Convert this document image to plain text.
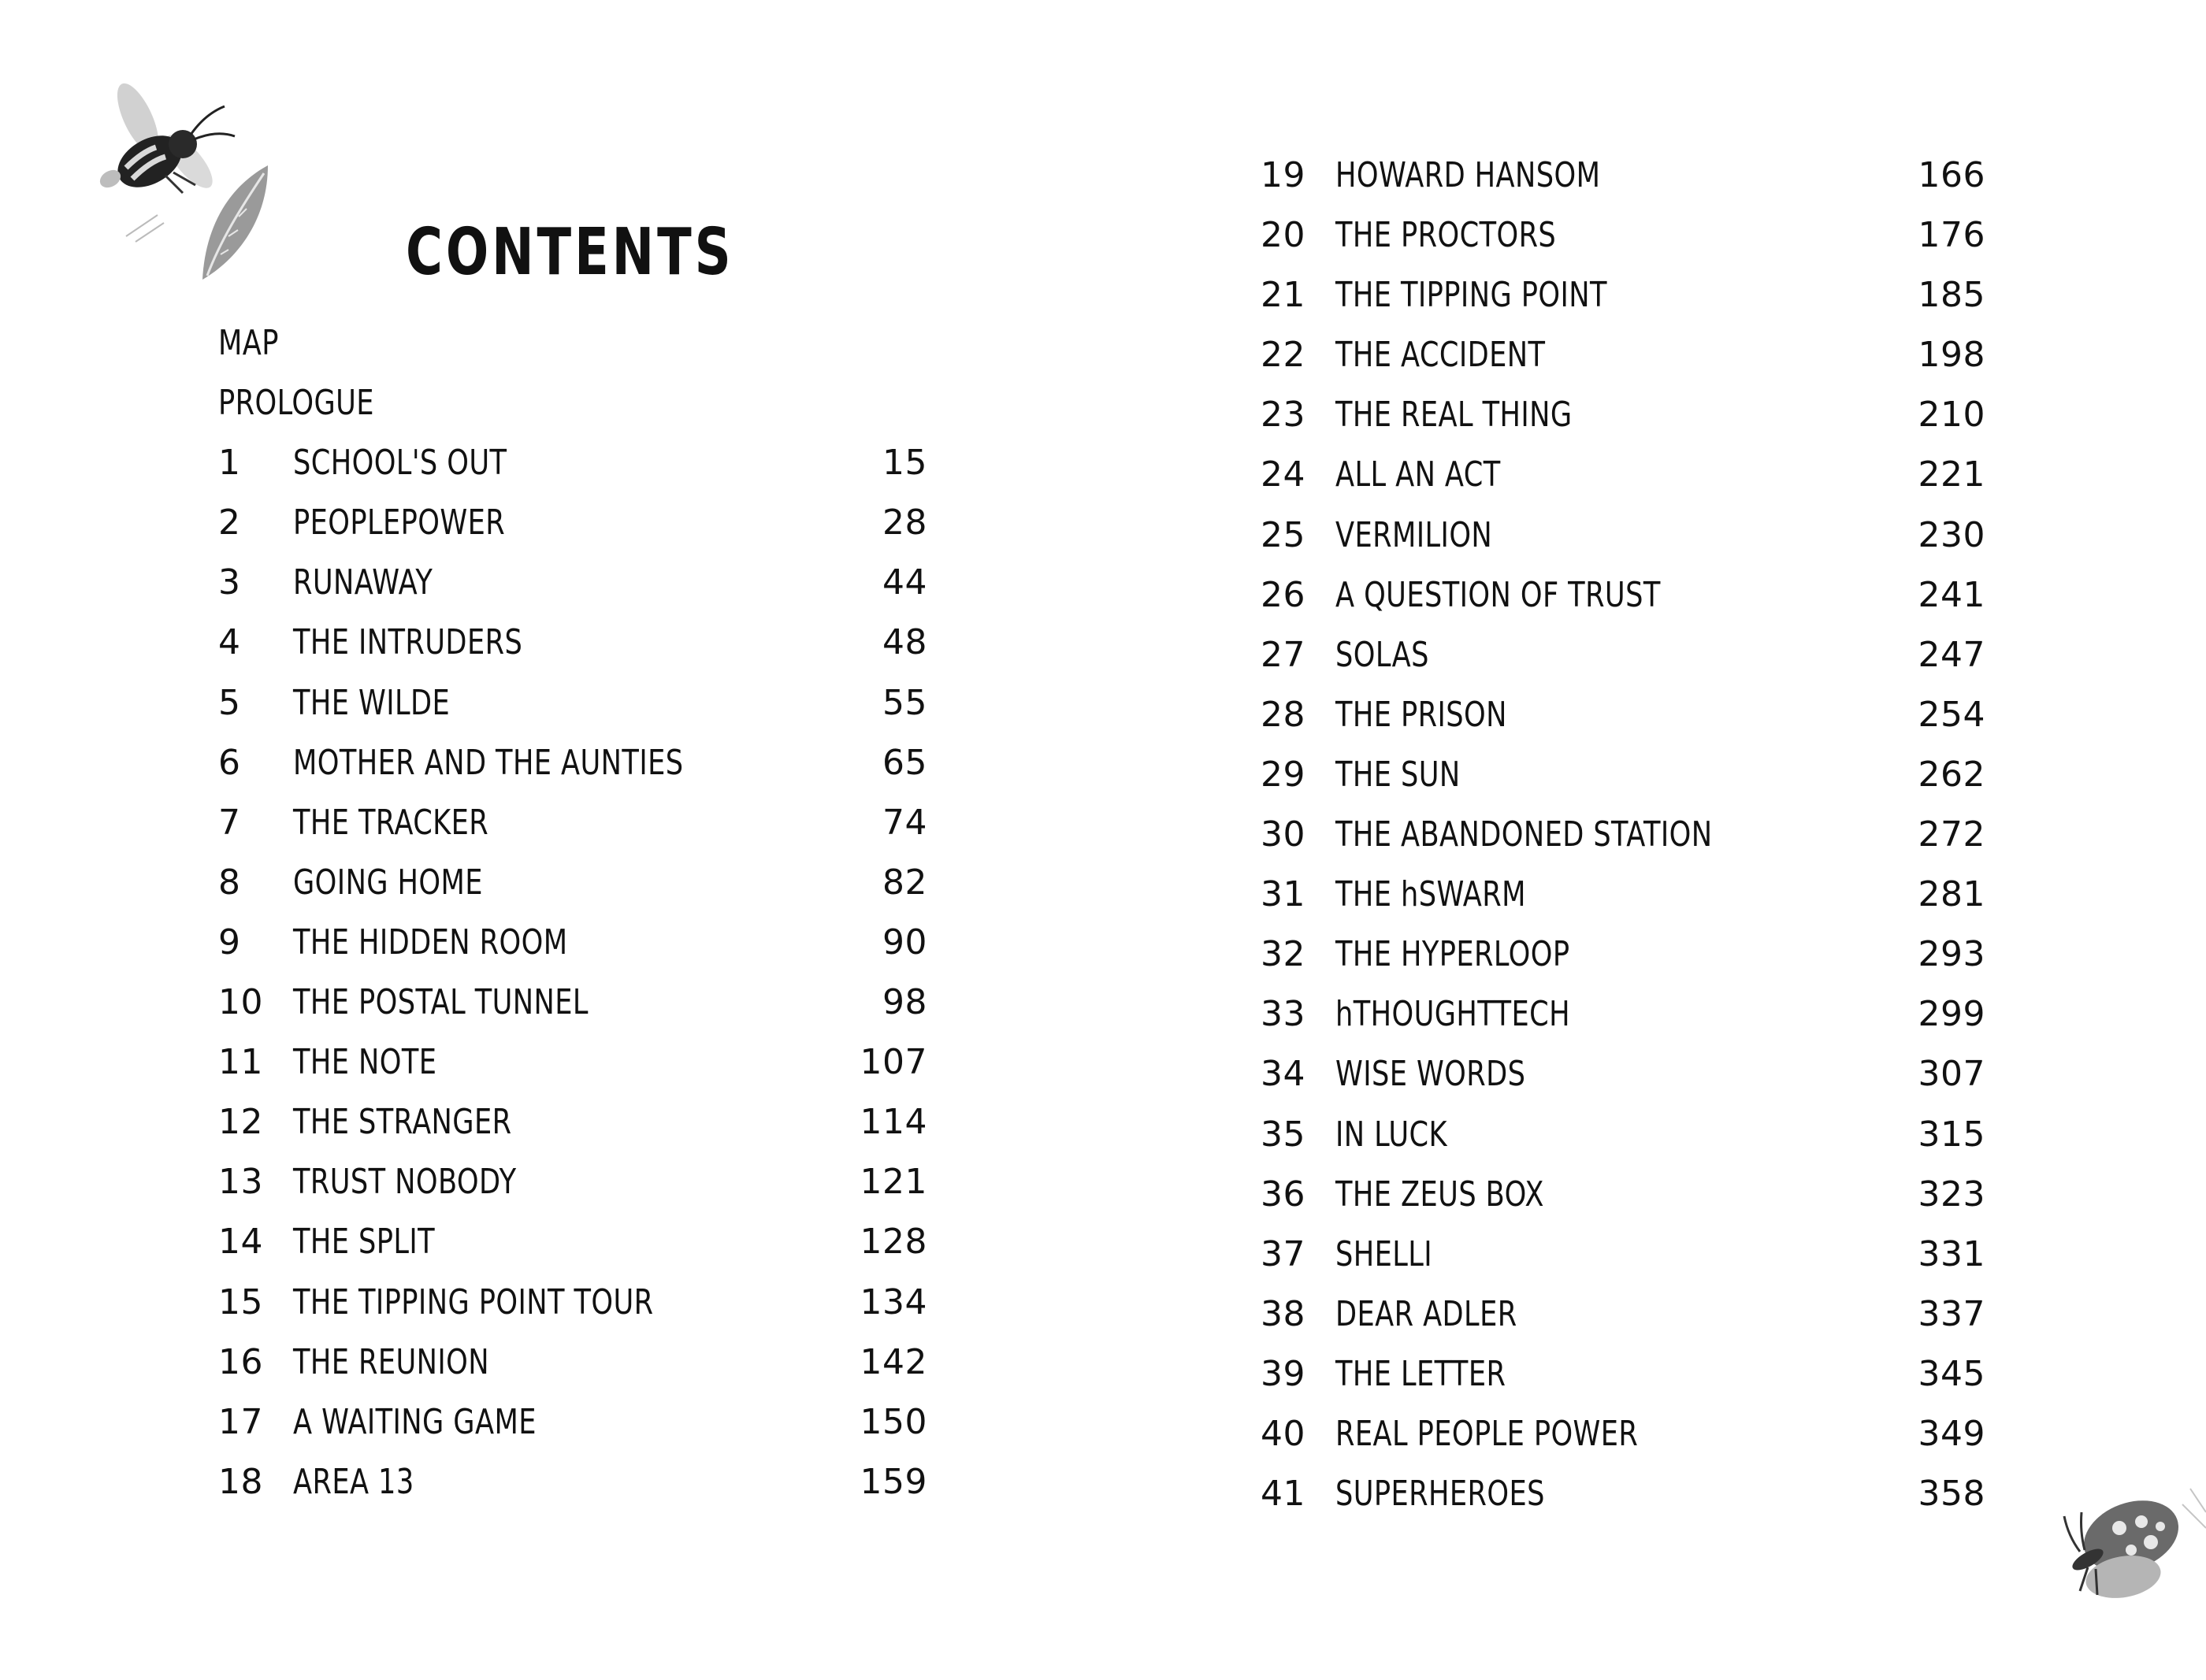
CONTENTS
MAP
PROLOGUE
1	SCHOOL'S OUT	15
2	PEOPLEPOWER	28
3	RUNAWAY	44
4	THE INTRUDERS	48
5	THE WILDE	55
6	MOTHER AND THE AUNTIES	65
7	THE TRACKER	74
8	GOING HOME	82
9	THE HIDDEN ROOM	90
10 THE POSTAL TUNNEL	98
11 THE NOTE	107
12 THE STRANGER	114
13 TRUST NOBODY	121
14 THE SPLIT	128
15 THE TIPPING POINT TOUR	134
16 THE REUNION	142
17 A WAITING GAME	150
18 AREA 13	159
19 HOWARD HANSOM	166
20 THE PROCTORS	176
21 THE TIPPING POINT	185
22 THE ACCIDENT	198
23 THE REAL THING	210
24 ALL AN ACT	221
25 VERMILION	230
26 A QUESTION OF TRUST	241
27 SOLAS	247
28 THE PRISON	254
29 THE SUN	262
30 THE ABANDONED STATION	272
31 THE hSWARM	281
32 THE HYPERLOOP	293
33 hTHOUGHTTECH	299
34 WISE WORDS	307
35 IN LUCK	315
36 THE ZEUS BOX	323
37 SHELLI	331
38 DEAR ADLER	337
39 THE LETTER	345
40 REAL PEOPLE POWER	349
41 SUPERHEROES	358
